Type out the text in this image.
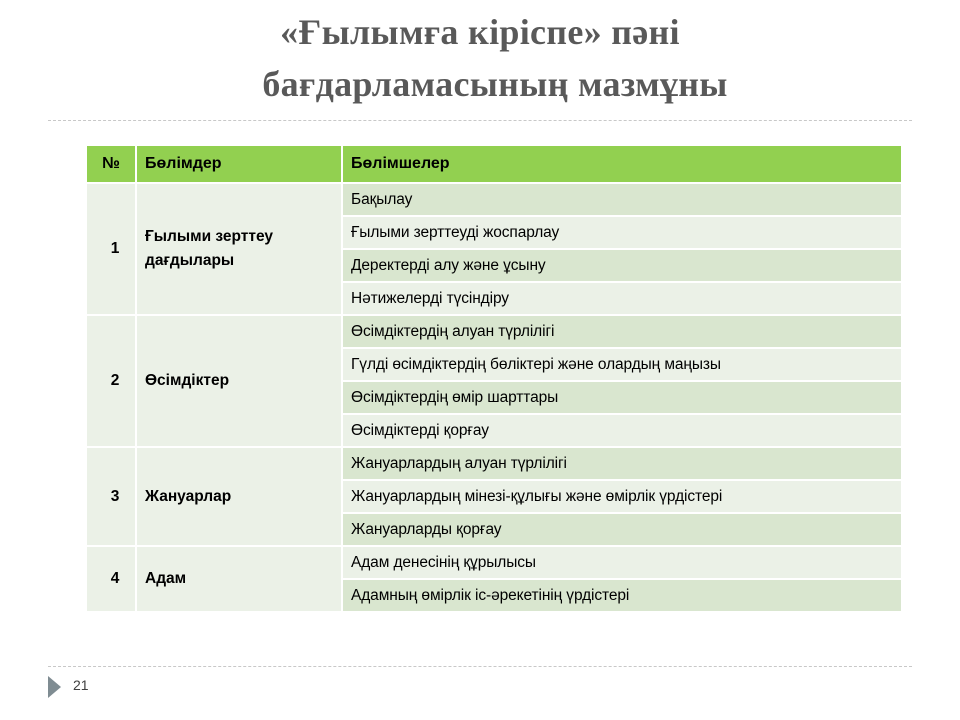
«Ғылымға кіріспе» пәні
бағдарламасының мазмұны
№	Бөлімдер	Бөлімшелер
1	Ғылыми зерттеу дағдылары	Бақылау
		Ғылыми зерттеуді жоспарлау
		Деректерді алу және ұсыну
		Нәтижелерді түсіндіру
2	Өсімдіктер	Өсімдіктердің алуан түрлілігі
		Гүлді өсімдіктердің бөліктері және олардың маңызы
		Өсімдіктердің өмір шарттары
		Өсімдіктерді қорғау
3	Жануарлар	Жануарлардың алуан түрлілігі
		Жануарлардың мінезі-құлығы және өмірлік үрдістері
		Жануарларды қорғау
4	Адам	Адам денесінің құрылысы
		Адамның өмірлік іс-әрекетінің үрдістері
21
